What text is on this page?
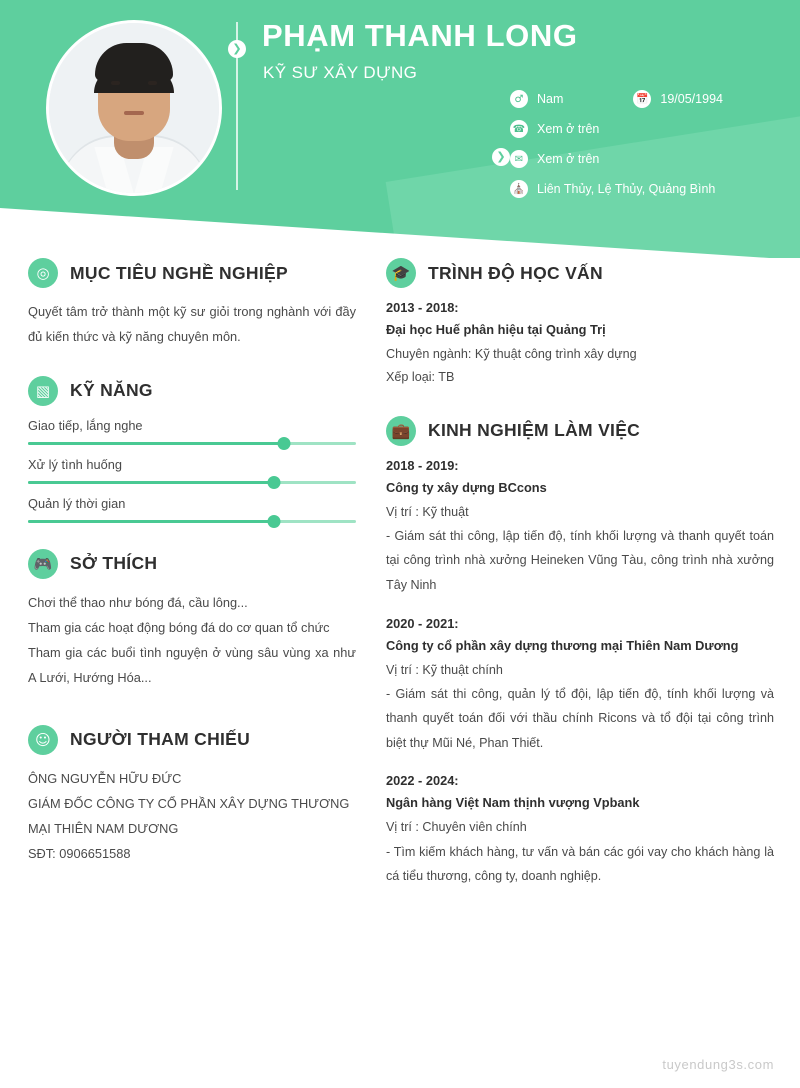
❯
❯
PHẠM THANH LONG
KỸ SƯ XÂY DỰNG
♂	Nam	📅 19/05/1994
☎ Xem ở trên
✉	Xem ở trên
⛪ Liên Thủy, Lệ Thủy, Quảng Bình
◎	MỤC TIÊU NGHỀ NGHIỆP
Quyết tâm trở thành một kỹ sư giỏi trong nghành với đầy đủ kiến thức và kỹ năng chuyên môn.
▧	KỸ NĂNG
Giao tiếp, lắng nghe
Xử lý tình huống
Quản lý thời gian
🎮	SỞ THÍCH
Chơi thể thao như bóng đá, cầu lông...
Tham gia các hoạt động bóng đá do cơ quan tổ chức
Tham gia các buổi tình nguyện ở vùng sâu vùng xa như A Lưới, Hướng Hóa...
☺	NGƯỜI THAM CHIẾU
ÔNG NGUYỄN HỮU ĐỨC
GIÁM ĐỐC CÔNG TY CỔ PHẦN XÂY DỰNG THƯƠNG MẠI THIÊN NAM DƯƠNG
SĐT: 0906651588
🎓	TRÌNH ĐỘ HỌC VẤN
2013 - 2018:
Đại học Huế phân hiệu tại Quảng Trị
Chuyên ngành: Kỹ thuật công trình xây dựng
Xếp loại: TB
💼	KINH NGHIỆM LÀM VIỆC
2018 - 2019:
Công ty xây dựng BCcons
Vị trí : Kỹ thuật
- Giám sát thi công, lập tiến độ, tính khối lượng và thanh quyết toán tại công trình nhà xưởng Heineken Vũng Tàu, công trình nhà xưởng Tây Ninh
2020 - 2021:
Công ty cổ phần xây dựng thương mại Thiên Nam Dương
Vị trí : Kỹ thuật chính
- Giám sát thi công, quản lý tổ đội, lập tiến độ, tính khối lượng và thanh quyết toán đối với thầu chính Ricons và tổ đội tại công trình biệt thự Mũi Né, Phan Thiết.
2022 - 2024:
Ngân hàng Việt Nam thịnh vượng Vpbank
Vị trí : Chuyên viên chính
- Tìm kiếm khách hàng, tư vấn và bán các gói vay cho khách hàng là cá tiểu thương, công ty, doanh nghiệp.
tuyendung3s.com
